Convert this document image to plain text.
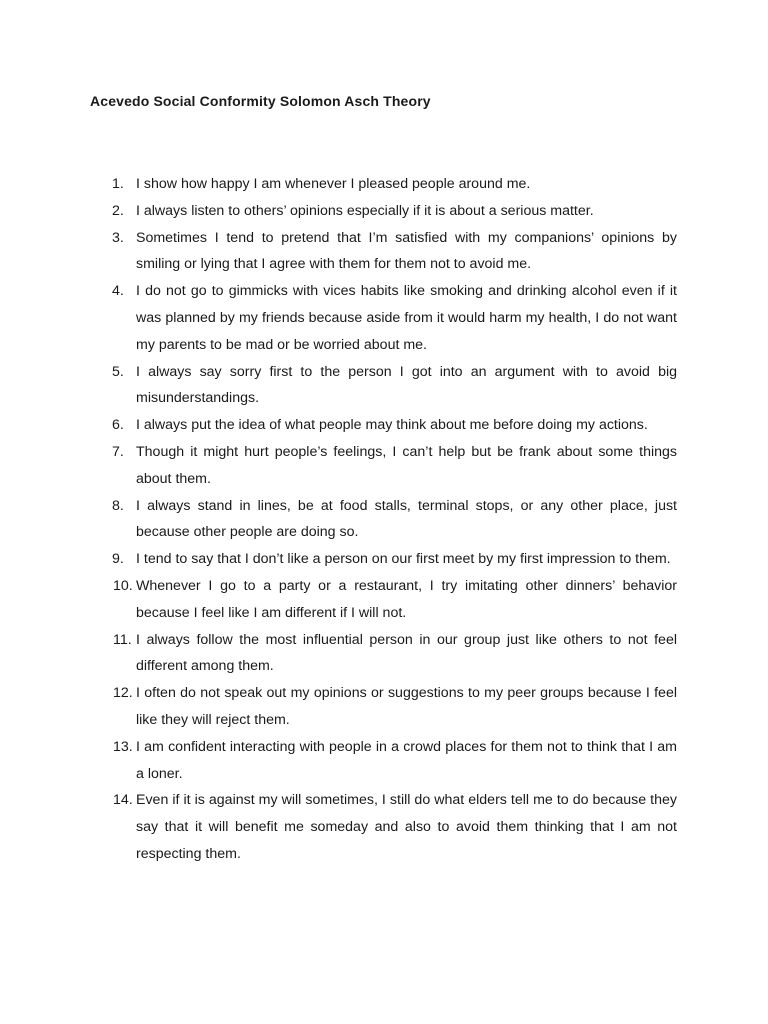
Acevedo Social Conformity Solomon Asch Theory
1. I show how happy I am whenever I pleased people around me.
2. I always listen to others’ opinions especially if it is about a serious matter.
3. Sometimes I tend to pretend that I’m satisfied with my companions’ opinions by smiling or lying that I agree with them for them not to avoid me.
4. I do not go to gimmicks with vices habits like smoking and drinking alcohol even if it was planned by my friends because aside from it would harm my health, I do not want my parents to be mad or be worried about me.
5. I always say sorry first to the person I got into an argument with to avoid big misunderstandings.
6. I always put the idea of what people may think about me before doing my actions.
7. Though it might hurt people’s feelings, I can’t help but be frank about some things about them.
8. I always stand in lines, be at food stalls, terminal stops, or any other place, just because other people are doing so.
9. I tend to say that I don’t like a person on our first meet by my first impression to them.
10. Whenever I go to a party or a restaurant, I try imitating other dinners’ behavior because I feel like I am different if I will not.
11. I always follow the most influential person in our group just like others to not feel different among them.
12. I often do not speak out my opinions or suggestions to my peer groups because I feel like they will reject them.
13. I am confident interacting with people in a crowd places for them not to think that I am a loner.
14. Even if it is against my will sometimes, I still do what elders tell me to do because they say that it will benefit me someday and also to avoid them thinking that I am not respecting them.
